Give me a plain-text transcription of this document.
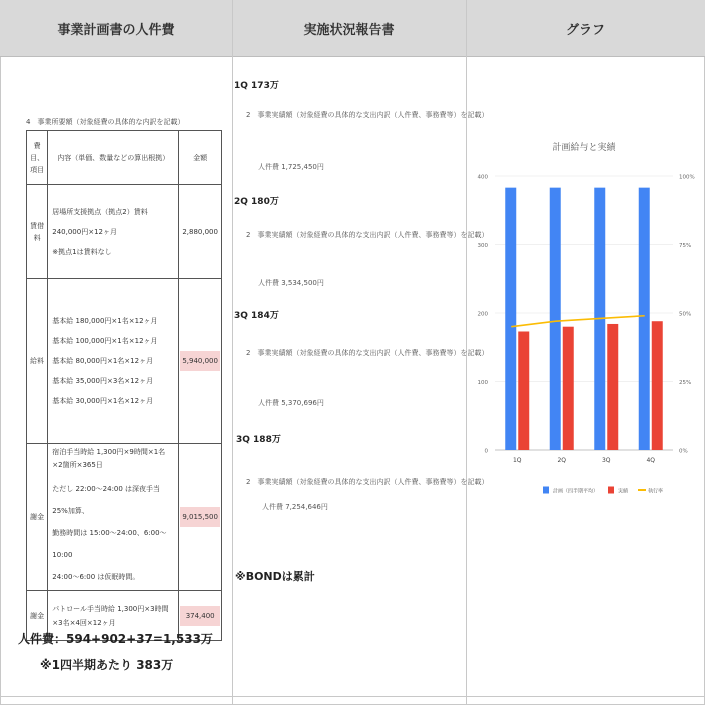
事業計画書の人件費	実施状況報告書	グラフ
4　事業所要額（対象経費の具体的な内訳を記載）
費目、項目	内容（単価、数量などの算出根拠）	金額
賃借料	居場所支援拠点（拠点2）賃料
240,000円×12ヶ月
※拠点1は賃料なし	2,880,000

給料	基本給 180,000円×1名×12ヶ月
基本給 100,000円×1名×12ヶ月
基本給 80,000円×1名×12ヶ月
基本給 35,000円×3名×12ヶ月
基本給 30,000円×1名×12ヶ月	5,940,000

謝金	宿泊手当時給 1,300円×9時間×1名×2箇所×365日
ただし 22:00〜24:00 は深夜手当 25%加算、
勤務時間は 15:00〜24:00、6:00〜10:00
24:00〜6:00 は仮眠時間。	9,015,500

謝金	パトロール手当時給 1,300円×3時間×3名×4回×12ヶ月	374,400
人件費：594+902+37=1,533万
※1四半期あたり 383万
1Q 173万
2　事業実績額（対象経費の具体的な支出内訳（人件費、事務費等）を記載）
人件費 1,725,450円
2Q 180万
2　事業実績額（対象経費の具体的な支出内訳（人件費、事務費等）を記載）
人件費 3,534,500円
3Q 184万
2　事業実績額（対象経費の具体的な支出内訳（人件費、事務費等）を記載）
人件費 5,370,696円
3Q 188万
2　事業実績額（対象経費の具体的な支出内訳（人件費、事務費等）を記載）
人件費 7,254,646円
※BONDは累計
計画給与と実績
0	0%
100	25%
200	50%
300	75%
400	100%
1Q	2Q	3Q	4Q
計画（四半期平均）	実績	執行率
